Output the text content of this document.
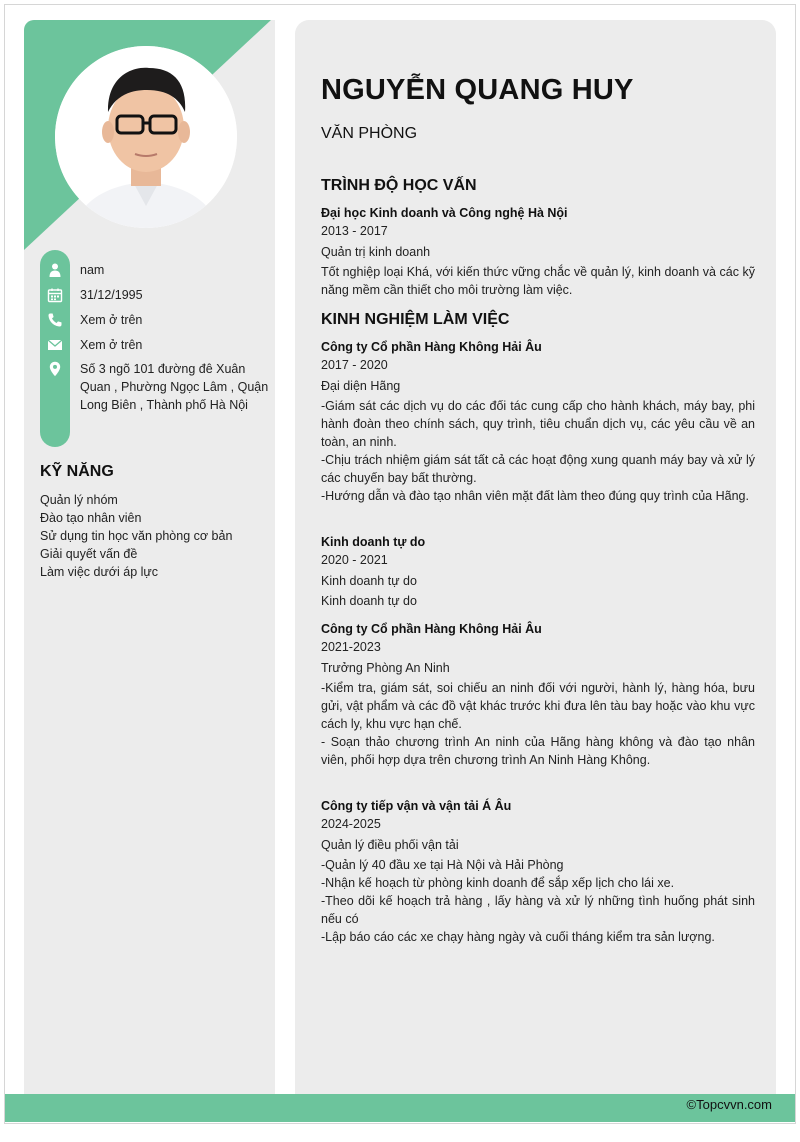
nam
31/12/1995
Xem ở trên
Xem ở trên
Số 3 ngõ 101 đường đê Xuân Quan , Phường Ngọc Lâm , Quận Long Biên , Thành phố Hà Nội
KỸ NĂNG
Quản lý nhóm
Đào tạo nhân viên
Sử dụng tin học văn phòng cơ bản
Giải quyết vấn đề
Làm việc dưới áp lực
NGUYỄN QUANG HUY
VĂN PHÒNG
TRÌNH ĐỘ HỌC VẤN
Đại học Kinh doanh và Công nghệ Hà Nội
2013 - 2017
Quản trị kinh doanh
Tốt nghiệp loại Khá, với kiến thức vững chắc về quản lý, kinh doanh và các kỹ năng mềm cần thiết cho môi trường làm việc.
KINH NGHIỆM LÀM VIỆC
Công ty Cổ phần Hàng Không Hải Âu
2017 - 2020
Đại diện Hãng
-Giám sát các dịch vụ do các đối tác cung cấp cho hành khách, máy bay, phi hành đoàn theo chính sách, quy trình, tiêu chuẩn dịch vụ, các yêu cầu về an toàn, an ninh.
-Chịu trách nhiệm giám sát tất cả các hoạt động xung quanh máy bay và xử lý các chuyến bay bất thường.
-Hướng dẫn và đào tạo nhân viên mặt đất làm theo đúng quy trình của Hãng.
Kinh doanh tự do
2020 - 2021
Kinh doanh tự do
Kinh doanh tự do
Công ty Cổ phần Hàng Không Hải Âu
2021-2023
Trưởng Phòng An Ninh
-Kiểm tra, giám sát, soi chiếu an ninh đối với người, hành lý, hàng hóa, bưu gửi, vật phẩm và các đồ vật khác trước khi đưa lên tàu bay hoặc vào khu vực cách ly, khu vực hạn chế.
- Soạn thảo chương trình An ninh của Hãng hàng không và đào tạo nhân viên, phối hợp dựa trên chương trình An Ninh Hàng Không.
Công ty tiếp vận và vận tải Á Âu
2024-2025
Quản lý điều phối vận tải
-Quản lý 40 đầu xe tại Hà Nội và Hải Phòng
-Nhận kế hoạch từ phòng kinh doanh để sắp xếp lịch cho lái xe.
-Theo dõi kế hoạch trả hàng , lấy hàng và xử lý những tình huống phát sinh nếu có
-Lập báo cáo các xe chạy hàng ngày và cuối tháng kiểm tra sản lượng.
©Topcvvn.com
